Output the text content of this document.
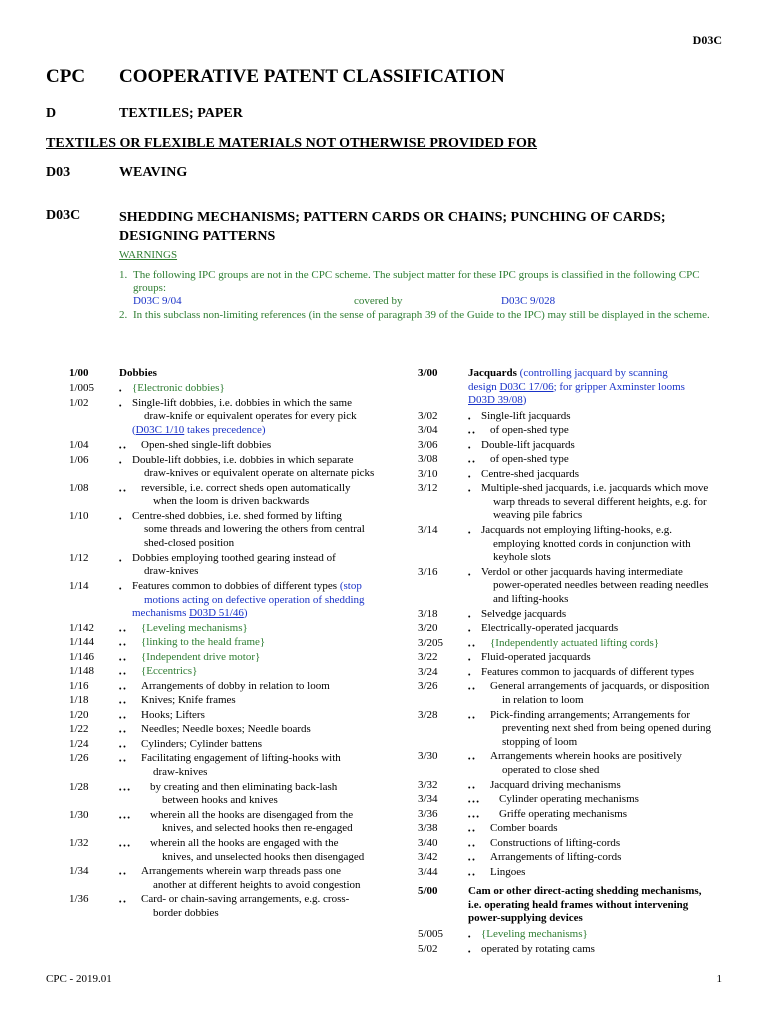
D03C
CPC COOPERATIVE PATENT CLASSIFICATION
D	TEXTILES; PAPER
TEXTILES OR FLEXIBLE MATERIALS NOT OTHERWISE PROVIDED FOR
D03	WEAVING
D03C	SHEDDING MECHANISMS; PATTERN CARDS OR CHAINS; PUNCHING OF CARDS; DESIGNING PATTERNS
WARNINGS
1. The following IPC groups are not in the CPC scheme. The subject matter for these IPC groups is classified in the following CPC groups:
D03C 9/04	covered by	D03C 9/028
2. In this subclass non-limiting references (in the sense of paragraph 39 of the Guide to the IPC) may still be displayed in the scheme.
1/00	Dobbies
1/005	• {Electronic dobbies}
1/02	• Single-lift dobbies, i.e. dobbies in which the same
draw-knife or equivalent operates for every pick
(D03C 1/10 takes precedence)
1/04	• • Open-shed single-lift dobbies
1/06	• Double-lift dobbies, i.e. dobbies in which separate
draw-knives or equivalent operate on alternate picks
1/08	• • reversible, i.e. correct sheds open automatically
when the loom is driven backwards
1/10	• Centre-shed dobbies, i.e. shed formed by lifting
some threads and lowering the others from central
shed-closed position
1/12	• Dobbies employing toothed gearing instead of
draw-knives
1/14	• Features common to dobbies of different types (stop
motions acting on defective operation of shedding
mechanisms D03D 51/46)
1/142	• • {Leveling mechanisms}
1/144	• • {linking to the heald frame}
1/146	• • {Independent drive motor}
1/148	• • {Eccentrics}
1/16	• • Arrangements of dobby in relation to loom
1/18	• • Knives; Knife frames
1/20	• • Hooks; Lifters
1/22	• • Needles; Needle boxes; Needle boards
1/24	• • Cylinders; Cylinder battens
1/26	• • Facilitating engagement of lifting-hooks with
draw-knives
1/28	• • • by creating and then eliminating back-lash
between hooks and knives
1/30	• • • wherein all the hooks are disengaged from the
knives, and selected hooks then re-engaged
1/32	• • • wherein all the hooks are engaged with the
knives, and unselected hooks then disengaged
1/34	• • Arrangements wherein warp threads pass one
another at different heights to avoid congestion
1/36	• • Card- or chain-saving arrangements, e.g. cross-
border dobbies
3/00	Jacquards (controlling jacquard by scanning
design D03C 17/06; for gripper Axminster looms
D03D 39/08)
3/02	• Single-lift jacquards
3/04	• • of open-shed type
3/06	• Double-lift jacquards
3/08	• • of open-shed type
3/10	• Centre-shed jacquards
3/12	• Multiple-shed jacquards, i.e. jacquards which move
warp threads to several different heights, e.g. for
weaving pile fabrics
3/14	• Jacquards not employing lifting-hooks, e.g.
employing knotted cords in conjunction with
keyhole slots
3/16	• Verdol or other jacquards having intermediate
power-operated needles between reading needles
and lifting-hooks
3/18	• Selvedge jacquards
3/20	• Electrically-operated jacquards
3/205	• • {Independently actuated lifting cords}
3/22	• Fluid-operated jacquards
3/24	• Features common to jacquards of different types
3/26	• • General arrangements of jacquards, or disposition
in relation to loom
3/28	• • Pick-finding arrangements; Arrangements for
preventing next shed from being opened during
stopping of loom
3/30	• • Arrangements wherein hooks are positively
operated to close shed
3/32	• • Jacquard driving mechanisms
3/34	• • • Cylinder operating mechanisms
3/36	• • • Griffe operating mechanisms
3/38	• • Comber boards
3/40	• • Constructions of lifting-cords
3/42	• • Arrangements of lifting-cords
3/44	• • Lingoes
5/00	Cam or other direct-acting shedding mechanisms,
i.e. operating heald frames without intervening
power-supplying devices
5/005	• {Leveling mechanisms}
5/02	• operated by rotating cams
CPC - 2019.01	1
